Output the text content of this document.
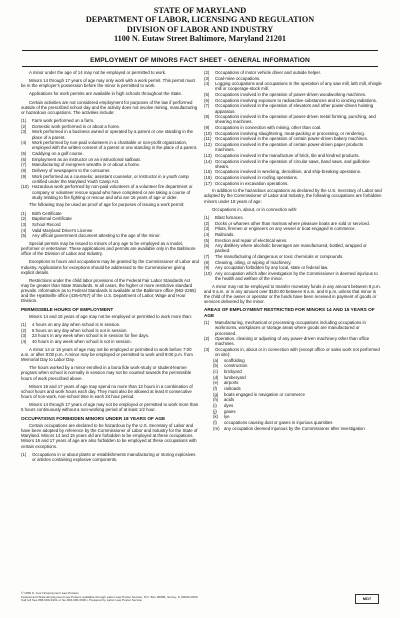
STATE OF MARYLAND
DEPARTMENT OF LABOR, LICENSING AND REGULATION
DIVISION OF LABOR AND INDUSTRY
1100 N. Eutaw Street Baltimore, Maryland 21201
EMPLOYMENT OF MINORS FACT SHEET - GENERAL INFORMATION

A minor under the age of 14 may not be employed or permitted to work.

Minors 14 through 17 years of age may only work with a work permit. This permit must be in the employer's possession before the minor is permitted to work.

Applications for work permits are available in high schools throughout the State.

Certain activities are not considered employment for purposes of the law if performed outside of the prescribed school day and the activity does not involve mining, manufacturing or hazardous occupations. The activities include:

(1) Farm work performed on a farm.
(2) Domestic work performed in or about a home.
(3) Work performed in a business owned or operated by a parent or one standing in the place of a parent.
(4) Work performed by non-paid volunteers in a charitable or non-profit organization, employed with the written consent of a parent or one standing in the place of a parent.
(5) Caddying on a golf course.
(6) Employment as an instructor on an instructional sailboat.
(7) Manufacturing of evergreen wreaths in or about a home.
(8) Delivery of newspapers to the consumer.
(9) Work performed as a counselor, assistant counselor, or instructor in a youth camp certified under the Maryland Youth Camp Act.
(10) Hazardous work performed by non-paid volunteers of a volunteer fire department or company or volunteer rescue squad who have completed or are taking a course of study relating to fire fighting or rescue and who are 16 years of age or older.

The following may be used as proof of age for purposes of issuing a work permit:

(1) Birth Certificate
(2) Baptismal Certificate
(3) School Record
(4) Valid Maryland Driver's License
(5) Any official government document attesting to the age of the minor.

Special permits may be issued to minors of any age to be employed as a model, performer or entertainer. These applications and permits are available only in the Baltimore office of the Division of Labor and Industry.

Exceptions to hours and occupations may be granted by the Commissioner of Labor and Industry. Applications for exceptions should be addressed to the Commissioner giving explicit details.

Restrictions under the child labor provisions of the Federal Fair Labor Standards Act may be greater than State Standards. In all cases, the higher or more restrictive standard prevails. Information as to Federal Standards is available at the Baltimore office (962-2265) and the Hyattsville office (436-6767) of the U.S. Department of Labor, Wage and Hour Division.

PERMISSIBLE HOURS OF EMPLOYMENT

Minors 14 and 15 years of age may not be employed or permitted to work more than:

(1) 4 hours on any day when school is in session.
(2) 8 hours on any day when school is not in session.
(3) 23 hours in any week when school is in session for five days.
(4) 40 hours in any week when school is not in session.

A minor 14 or 15 years of age may not be employed or permitted to work before 7:00 a.m. or after 8:00 p.m. A minor may be employed or permitted to work until 9:00 p.m. from Memorial Day to Labor Day.

The hours worked by a minor enrolled in a bona fide work-study or student-learner program when school is normally in session may not be counted towards the permissible hours of work prescribed above.

Minors 16 and 17 years of age may spend no more than 12 hours in a combination of school hours and work hours each day. They must also be allowed at least 8 consecutive hours of non-work, non-school time in each 24 hour period.

Minors 14 through 17 years of age may not be employed or permitted to work more than 5 hours continuously without a non-working period of at least 1/2 hour.

OCCUPATIONS FORBIDDEN MINORS UNDER 18 YEARS OF AGE

Certain occupations are declared to be hazardous by the U.S. Secretary of Labor and have been adopted by reference by the Commissioner of Labor and Industry for the State of Maryland. Minors 14 and 15 years old are forbidden to be employed at these occupations. Minors 16 and 17 years of age are also forbidden to be employed at these occupations with certain exceptions.

(1) Occupations in or about plants or establishments manufacturing or storing explosives or articles containing explosive components.
(2) Occupations of motor vehicle driver and outside helper.
(3) Coal-mine occupations.
(4) Logging occupations and occupations in the operation of any saw mill, lath mill, shingle mill or cooperage-stock mill.
(5) Occupations involved in the operation of power-driven woodworking machines.
(6) Occupations involving exposure to radioactive substances and to ionizing radiations.
(7) Occupations involved in the operation of elevators and other power-driven hoisting apparatus.
(8) Occupations involved in the operation of power-driven metal forming, punching, and shearing machines.
(9) Occupations in connection with mining, other than coal.
(10) Occupations involving slaughtering, meat-packing or processing, or rendering.
(11) Occupations involved in the operation of certain power-driven bakery machines.
(12) Occupations involved in the operation of certain power-driven paper products machines.
(13) Occupations involved in the manufacture of brick, tile and kindred products.
(14) Occupations involved in the operation of circular saws, band saws, and guillotine shears.
(15) Occupations involved in wrecking, demolition, and ship-breaking operations.
(16) Occupations involved in roofing operations.
(17) Occupations in excavation operations.

In addition to the hazardous occupations as declared by the U.S. Secretary of Labor and adopted by the Commissioner of Labor and Industry, the following occupations are forbidden minors under 18 years of age:

Occupations in, about, or in connection with:

(1) Blast furnaces.
(2) Docks or wharves other than marinas where pleasure boats are sold or serviced.
(3) Pilots, firemen or engineers on any vessel or boat engaged in commerce.
(4) Railroads.
(5) Erection and repair of electrical wires.
(6) Any distillery where alcoholic beverages are manufactured, bottled, wrapped or packed.
(7) The manufacturing of dangerous or toxic chemicals or compounds.
(8) Cleaning, oiling, or wiping of machinery.
(9) Any occupation forbidden by any local, state or federal law.
(10) Any occupation which after investigation by the Commissioner is deemed injurious to the health and welfare of the minor.

A minor may not be employed to transfer monetary funds in any amount between 8 p.m. and 8 a.m. or in any amount over $100.00 between 8 a.m. and 8 p.m. unless that minor is the child of the owner or operator or the funds have been received in payment of goods or services delivered by the minor.

AREAS OF EMPLOYMENT RESTRICTED FOR MINORS 14 AND 15 YEARS OF AGE
(1) Manufacturing, mechanical or processing occupations including occupations in workrooms, workplaces or storage areas where goods are manufactured or processed.
(2) Operation, cleaning or adjusting of any power-driven machinery other than office machines.
(3) Occupations in, about or in connection with (except office or sales work not performed on site):
(a) scaffolding
(b) construction
(c) brickyard
(d) lumberyard
(e) airports
(f) railroads
(g) boats engaged in navigation or commerce
(h) acids
(i) dyes
(j) gases
(k) lye
(l) occupations causing dust or gases in injurious quantities
(m) any occupation deemed injurious by the Commissioner after investigation
© 1996 S. Gov't Employment Law Posters
Federal and State Employment Law Posters available through Labor Law Poster Service, P.O. Box 90986, Surrey, IL 00000-0000
Call toll free 888-999-9191 or fax 800-000-0000 • Prepared by Labor Law Poster Service	MD7
